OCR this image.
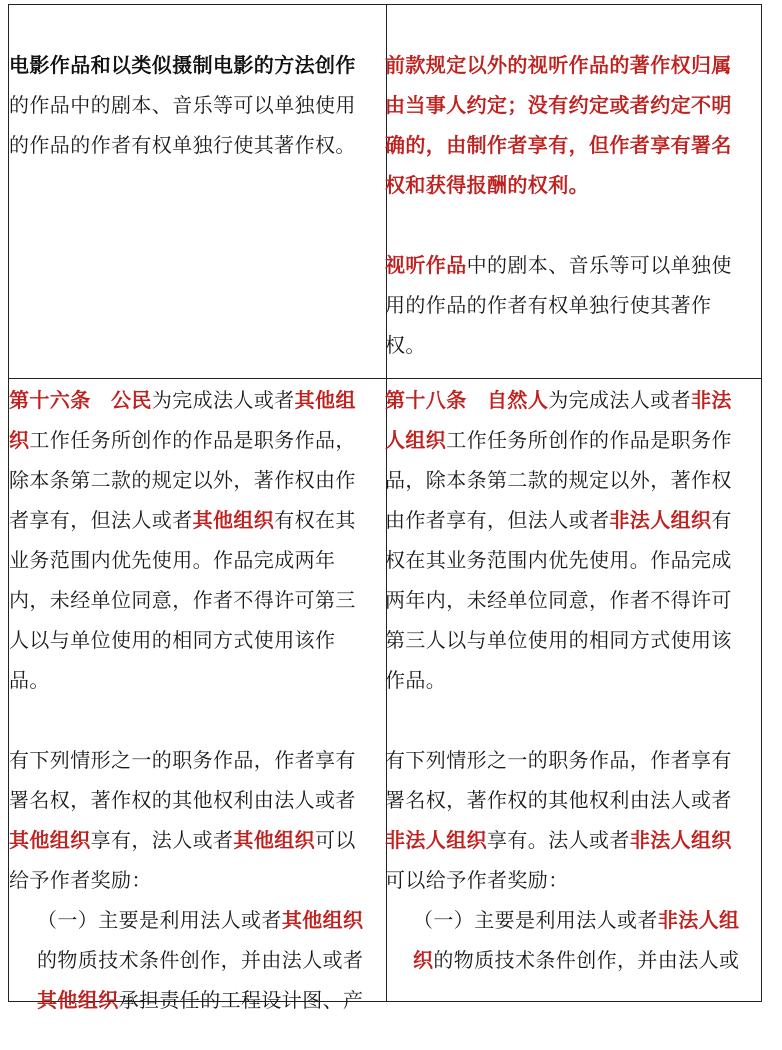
电影作品和以类似摄制电影的方法创作的作品中的剧本、音乐等可以单独使用的作品的作者有权单独行使其著作权。

前款规定以外的视听作品的著作权归属由当事人约定；没有约定或者约定不明确的，由制作者享有，但作者享有署名权和获得报酬的权利。

视听作品中的剧本、音乐等可以单独使用的作品的作者有权单独行使其著作权。

第十六条　 公民为完成法人或者其他组织工作任务所创作的作品是职务作品，除本条第二款的规定以外，著作权由作者享有，但法人或者其他组织有权在其业务范围内优先使用。作品完成两年内，未经单位同意，作者不得许可第三人以与单位使用的相同方式使用该作品。

有下列情形之一的职务作品，作者享有署名权，著作权的其他权利由法人或者其他组织享有，法人或者其他组织可以给予作者奖励：

（一）主要是利用法人或者其他组织的物质技术条件创作，并由法人或者其他组织承担责任的工程设计图、产

第十八条　 自然人为完成法人或者非法人组织工作任务所创作的作品是职务作品，除本条第二款的规定以外，著作权由作者享有，但法人或者非法人组织有权在其业务范围内优先使用。作品完成两年内，未经单位同意，作者不得许可第三人以与单位使用的相同方式使用该作品。

有下列情形之一的职务作品，作者享有署名权，著作权的其他权利由法人或者非法人组织享有。法人或者非法人组织可以给予作者奖励：

（一）主要是利用法人或者非法人组织的物质技术条件创作，并由法人或
